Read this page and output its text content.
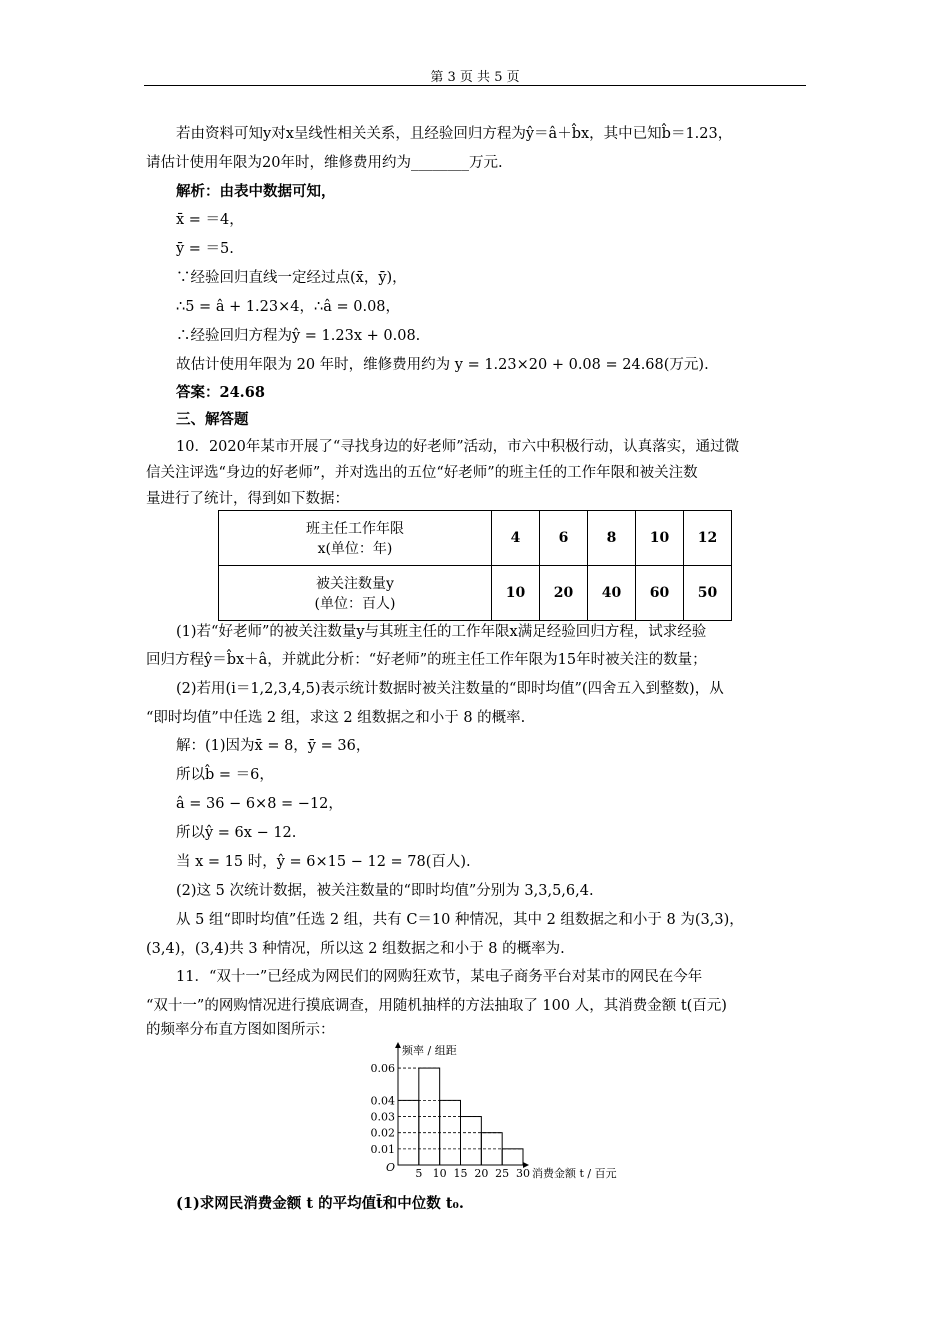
第 3 页 共 5 页
若由资料可知y对x呈线性相关关系，且经验回归方程为ŷ＝â＋b̂x，其中已知b̂＝1.23，
请估计使用年限为20年时，维修费用约为________万元.
解析：由表中数据可知，
x̄ = ＝4，
ȳ = ＝5.
∵经验回归直线一定经过点(x̄，ȳ)，
∴5 = â + 1.23×4，∴â = 0.08，
∴经验回归方程为ŷ = 1.23x + 0.08.
故估计使用年限为 20 年时，维修费用约为 y = 1.23×20 + 0.08 = 24.68(万元).
答案：24.68
三、解答题
10．2020年某市开展了“寻找身边的好老师”活动，市六中积极行动，认真落实，通过微
信关注评选“身边的好老师”，并对选出的五位“好老师”的班主任的工作年限和被关注数
量进行了统计，得到如下数据：
班主任工作年限
x(单位：年)	4	6	8	10	12

被关注数量y
(单位：百人)	10	20	40	60	50
(1)若“好老师”的被关注数量y与其班主任的工作年限x满足经验回归方程，试求经验
回归方程ŷ＝b̂x＋â，并就此分析：“好老师”的班主任工作年限为15年时被关注的数量；
(2)若用(i＝1,2,3,4,5)表示统计数据时被关注数量的“即时均值”(四舍五入到整数)，从
“即时均值”中任选 2 组，求这 2 组数据之和小于 8 的概率.
解：(1)因为x̄ = 8，ȳ = 36，
所以b̂ = ＝6，
â = 36 − 6×8 = −12，
所以ŷ = 6x − 12.
当 x = 15 时，ŷ = 6×15 − 12 = 78(百人).
(2)这 5 次统计数据，被关注数量的“即时均值”分别为 3,3,5,6,4.
从 5 组“即时均值”任选 2 组，共有 C＝10 种情况，其中 2 组数据之和小于 8 为(3,3)，
(3,4)，(3,4)共 3 种情况，所以这 2 组数据之和小于 8 的概率为.
11．“双十一”已经成为网民们的网购狂欢节，某电子商务平台对某市的网民在今年
“双十一”的网购情况进行摸底调查，用随机抽样的方法抽取了 100 人，其消费金额 t(百元)
的频率分布直方图如图所示：
频率 / 组距
消费金额 t / 百元
O
0.06
0.04
0.03
0.02
0.01
5 10 15 20 25 30
(1)求网民消费金额 t 的平均值t̄和中位数 t₀.
